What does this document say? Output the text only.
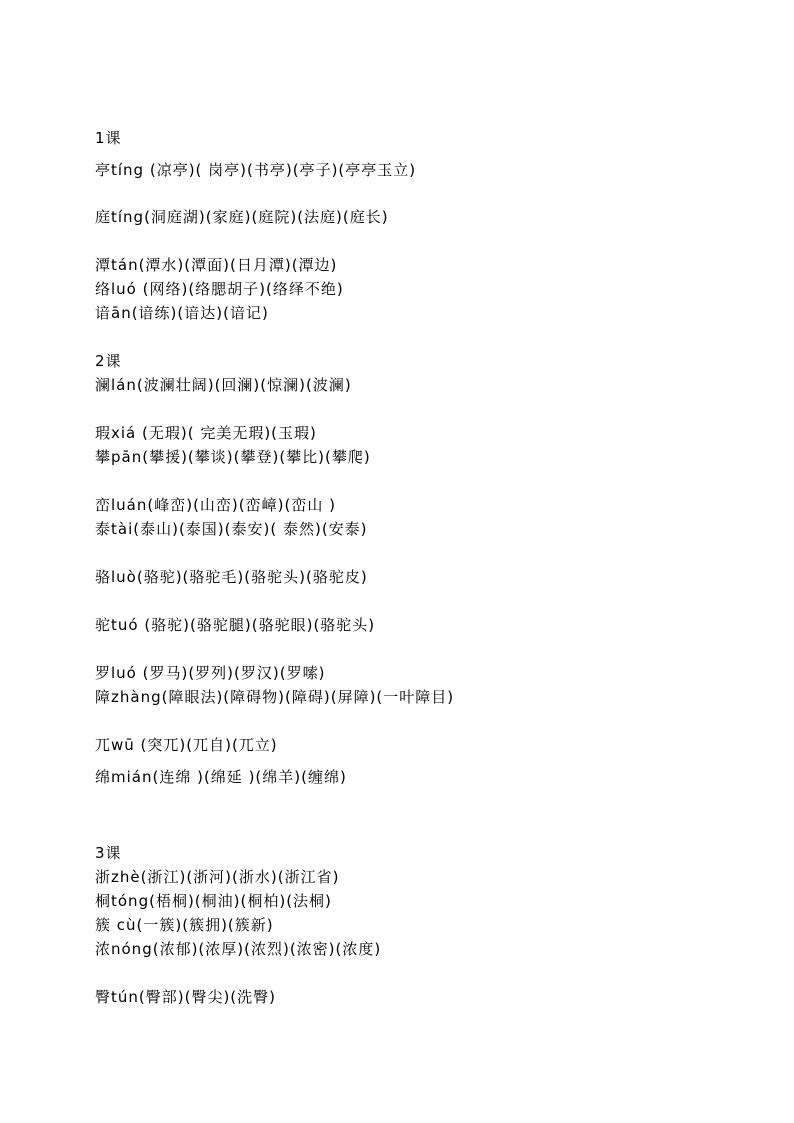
1课
亭tíng (凉亭)( 岗亭)(书亭)(亭子)(亭亭玉立)
庭tíng(洞庭湖)(家庭)(庭院)(法庭)(庭长)
潭tán(潭水)(潭面)(日月潭)(潭边)
络luó (网络)(络腮胡子)(络绎不绝)
谙ān(谙练)(谙达)(谙记)
2课
澜lán(波澜壮阔)(回澜)(惊澜)(波澜)
瑕xiá (无瑕)( 完美无瑕)(玉瑕)
攀pān(攀援)(攀谈)(攀登)(攀比)(攀爬)
峦luán(峰峦)(山峦)(峦嶂)(峦山 )
泰tài(泰山)(泰国)(泰安)( 泰然)(安泰)
骆luò(骆驼)(骆驼毛)(骆驼头)(骆驼皮)
驼tuó (骆驼)(骆驼腿)(骆驼眼)(骆驼头)
罗luó (罗马)(罗列)(罗汉)(罗嗦)
障zhàng(障眼法)(障碍物)(障碍)(屏障)(一叶障目)
兀wū (突兀)(兀自)(兀立)
绵mián(连绵 )(绵延 )(绵羊)(缠绵)
3课
浙zhè(浙江)(浙河)(浙水)(浙江省)
桐tóng(梧桐)(桐油)(桐柏)(法桐)
簇 cù(一簇)(簇拥)(簇新)
浓nóng(浓郁)(浓厚)(浓烈)(浓密)(浓度)
臀tún(臀部)(臀尖)(洗臀)
